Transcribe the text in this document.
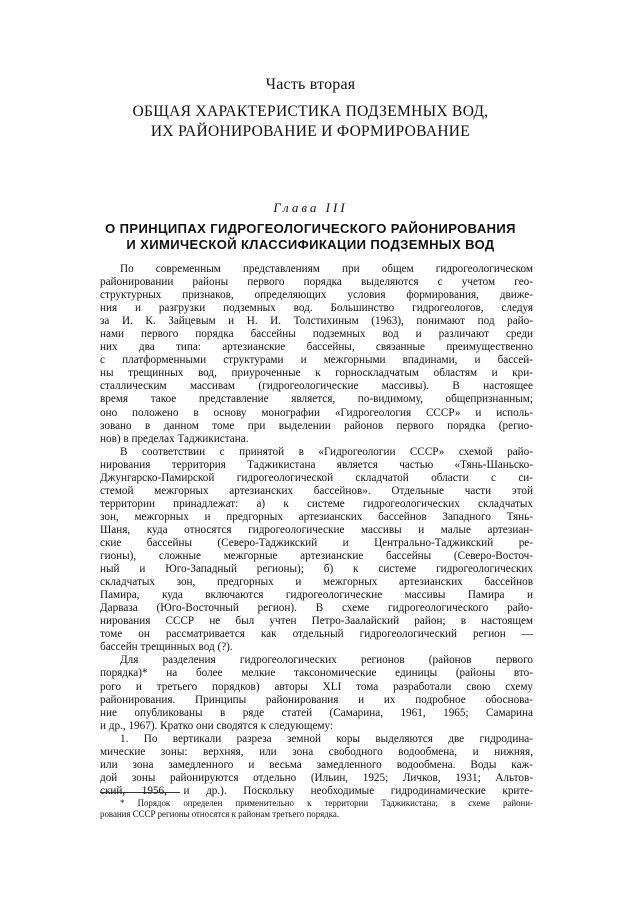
Часть вторая
ОБЩАЯ ХАРАКТЕРИСТИКА ПОДЗЕМНЫХ ВОД,
ИХ РАЙОНИРОВАНИЕ И ФОРМИРОВАНИЕ
Глава III
О ПРИНЦИПАХ ГИДРОГЕОЛОГИЧЕСКОГО РАЙОНИРОВАНИЯ
И ХИМИЧЕСКОЙ КЛАССИФИКАЦИИ ПОДЗЕМНЫХ ВОД
По современным представлениям при общем гидрогеологическом
районировании районы первого порядка выделяются с учетом гео-
структурных признаков, определяющих условия формирования, движе-
ния и разгрузки подземных вод. Большинство гидрогеологов, следуя
за И. К. Зайцевым и Н. И. Толстихиным (1963), понимают под райо-
нами первого порядка бассейны подземных вод и различают среди
них два типа: артезианские бассейны, связанные преимущественно
с платформенными структурами и межгорными впадинами, и бассей-
ны трещинных вод, приуроченные к горноскладчатым областям и кри-
сталлическим массивам (гидрогеологические массивы). В настоящее
время такое представление является, по-видимому, общепризнанным;
оно положено в основу монографии «Гидрогеология СССР» и исполь-
зовано в данном томе при выделении районов первого порядка (регио-
нов) в пределах Таджикистана.
В соответствии с принятой в «Гидрогеологии СССР» схемой райо-
нирования территория Таджикистана является частью «Тянь-Шаньско-
Джунгарско-Памирской гидрогеологической складчатой области с си-
стемой межгорных артезианских бассейнов». Отдельные части этой
территории принадлежат: а) к системе гидрогеологических складчатых
зон, межгорных и предгорных артезианских бассейнов Западного Тянь-
Шаня, куда относятся гидрогеологические массивы и малые артезиан-
ские бассейны (Северо-Таджикский и Центрально-Таджикский ре-
гионы), сложные межгорные артезианские бассейны (Северо-Восточ-
ный и Юго-Западный регионы); б) к системе гидрогеологических
складчатых зон, предгорных и межгорных артезианских бассейнов
Памира, куда включаются гидрогеологические массивы Памира и
Дарваза (Юго-Восточный регион). В схеме гидрогеологического райо-
нирования СССР не был учтен Петро-Заалайский район; в настоящем
томе он рассматривается как отдельный гидрогеологический регион —
бассейн трещинных вод (?).
Для разделения гидрогеологических регионов (районов первого
порядка)* на более мелкие таксономические единицы (районы вто-
рого и третьего порядков) авторы XLI тома разработали свою схему
районирования. Принципы районирования и их подробное обоснова-
ние опубликованы в ряде статей (Самарина, 1961, 1965; Самарина
и др., 1967). Кратко они сводятся к следующему:
1. По вертикали разреза земной коры выделяются две гидродина-
мические зоны: верхняя, или зона свободного водообмена, и нижняя,
или зона замедленного и весьма замедленного водообмена. Воды каж-
дой зоны районируются отдельно (Ильин, 1925; Личков, 1931; Альтов-
ский, 1956, и др.). Поскольку необходимые гидродинамические крите-
* Порядок определен применительно к территории Таджикистана; в схеме райони-
рования СССР регионы относятся к районам третьего порядка.
